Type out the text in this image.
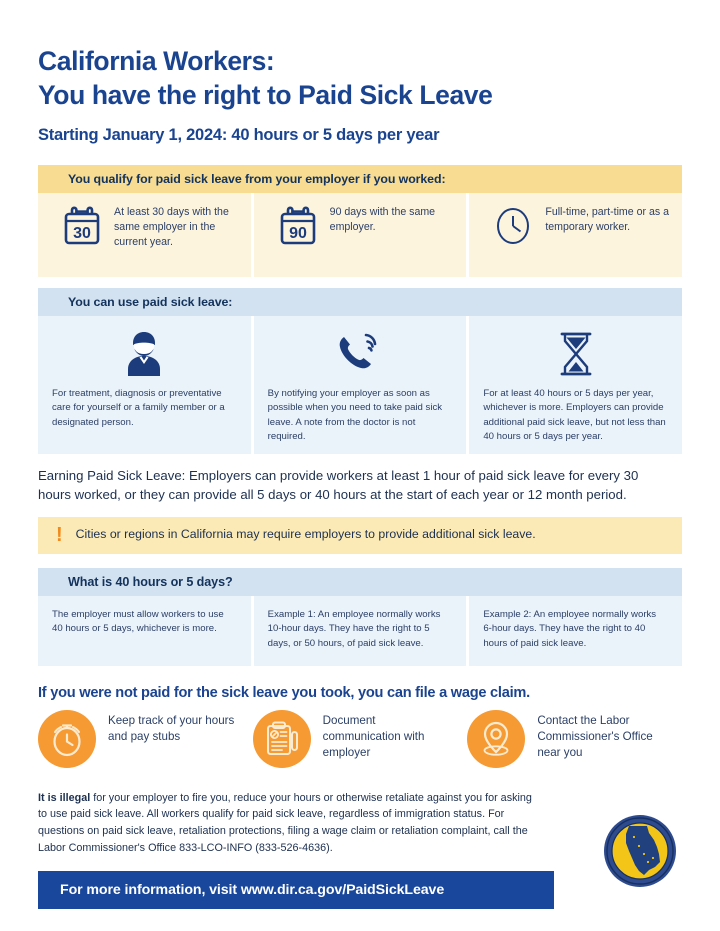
California Workers:
You have the right to Paid Sick Leave
Starting January 1, 2024: 40 hours or 5 days per year
You qualify for paid sick leave from your employer if you worked:
30
At least 30 days with the same employer in the current year.
90
90 days with the same employer.
Full-time, part-time or as a temporary worker.
You can use paid sick leave:
For treatment, diagnosis or preventative care for yourself or a family member or a designated person.
By notifying your employer as soon as possible when you need to take paid sick leave. A note from the doctor is not required.
For at least 40 hours or 5 days per year, whichever is more. Employers can provide additional paid sick leave, but not less than 40 hours or 5 days per year.
Earning Paid Sick Leave: Employers can provide workers at least 1 hour of paid sick leave for every 30 hours worked, or they can provide all 5 days or 40 hours at the start of each year or 12 month period.
!	Cities or regions in California may require employers to provide additional sick leave.
What is 40 hours or 5 days?
The employer must allow workers to use 40 hours or 5 days, whichever is more.
Example 1: An employee normally works 10-hour days. They have the right to 5 days, or 50 hours, of paid sick leave.
Example 2: An employee normally works 6-hour days. They have the right to 40 hours of paid sick leave.
If you were not paid for the sick leave you took, you can file a wage claim.
Keep track of your hours and pay stubs
Document communication with employer
Contact the Labor Commissioner's Office near you
It is illegal for your employer to fire you, reduce your hours or otherwise retaliate against you for asking to use paid sick leave. All workers qualify for paid sick leave, regardless of immigration status. For questions on paid sick leave, retaliation protections, filing a wage claim or retaliation complaint, call the Labor Commissioner's Office 833-LCO-INFO (833-526-4636).
For more information, visit www.dir.ca.gov/PaidSickLeave
